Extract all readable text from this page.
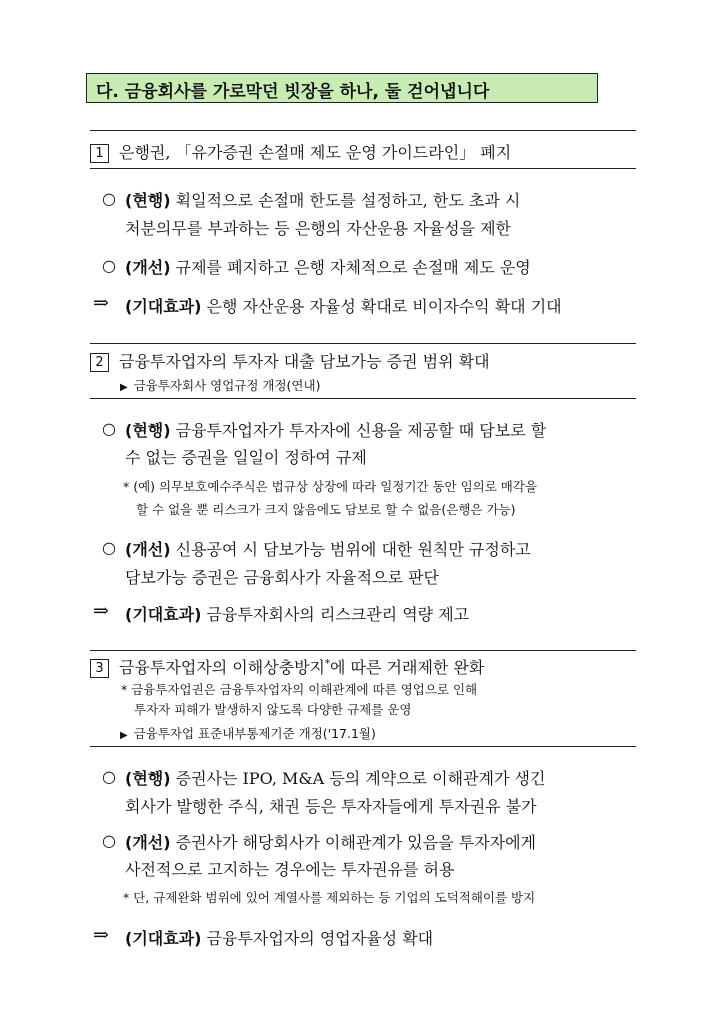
다. 금융회사를 가로막던 빗장을 하나, 둘 걷어냅니다
1 은행권, 「유가증권 손절매 제도 운영 가이드라인」 폐지
○ (현행) 획일적으로 손절매 한도를 설정하고, 한도 초과 시
처분의무를 부과하는 등 은행의 자산운용 자율성을 제한
○ (개선) 규제를 폐지하고 은행 자체적으로 손절매 제도 운영
⇒ (기대효과) 은행 자산운용 자율성 확대로 비이자수익 확대 기대
2 금융투자업자의 투자자 대출 담보가능 증권 범위 확대
▶ 금융투자회사 영업규정 개정(연내)
○ (현행) 금융투자업자가 투자자에 신용을 제공할 때 담보로 할
수 없는 증권을 일일이 정하여 규제
* (예) 의무보호예수주식은 법규상 상장에 따라 일정기간 동안 임의로 매각을
할 수 없을 뿐 리스크가 크지 않음에도 담보로 할 수 없음(은행은 가능)
○ (개선) 신용공여 시 담보가능 범위에 대한 원칙만 규정하고
담보가능 증권은 금융회사가 자율적으로 판단
⇒ (기대효과) 금융투자회사의 리스크관리 역량 제고
3 금융투자업자의 이해상충방지*에 따른 거래제한 완화
* 금융투자업권은 금융투자업자의 이해관계에 따른 영업으로 인해
투자자 피해가 발생하지 않도록 다양한 규제를 운영
▶ 금융투자업 표준내부통제기준 개정('17.1월)
○ (현행) 증권사는 IPO, M&A 등의 계약으로 이해관계가 생긴
회사가 발행한 주식, 채권 등은 투자자들에게 투자권유 불가
○ (개선) 증권사가 해당회사가 이해관계가 있음을 투자자에게
사전적으로 고지하는 경우에는 투자권유를 허용
* 단, 규제완화 범위에 있어 계열사를 제외하는 등 기업의 도덕적해이를 방지
⇒ (기대효과) 금융투자업자의 영업자율성 확대
